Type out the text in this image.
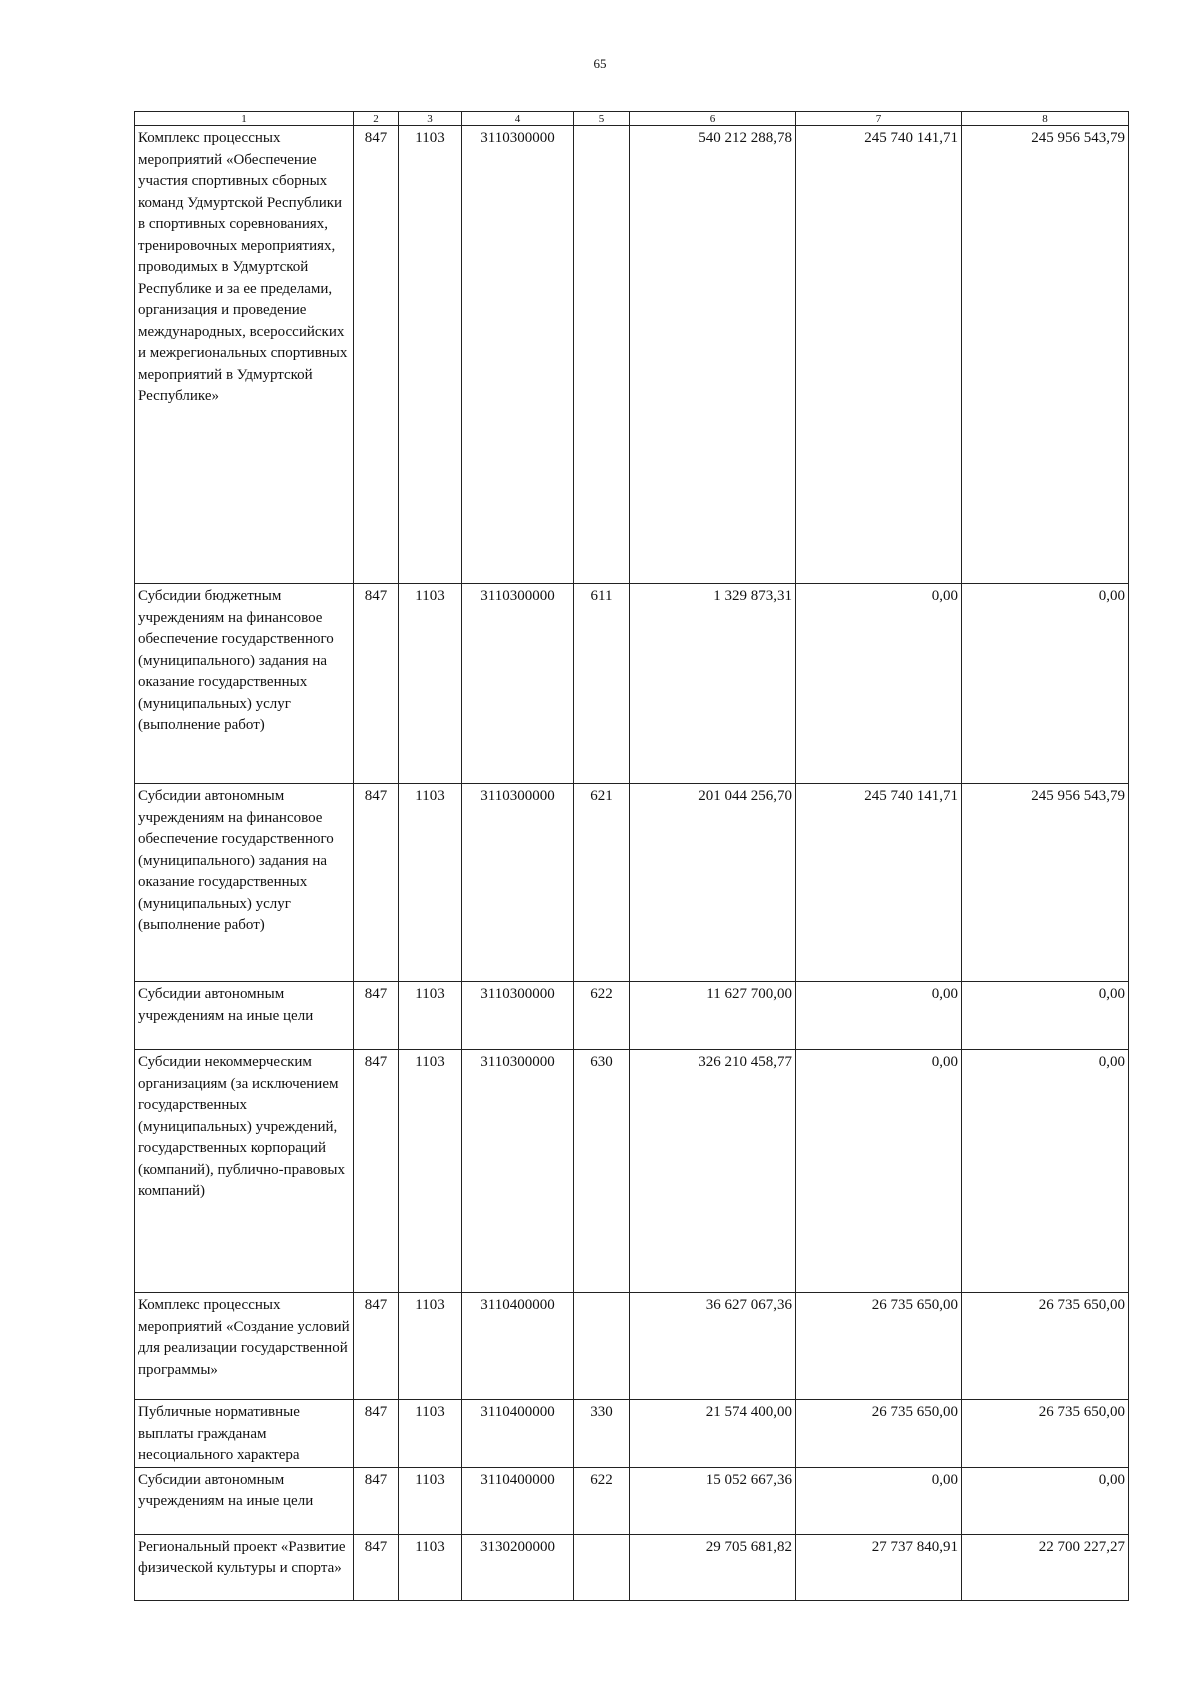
65
1	2	3	4	5	6	7	8
Комплекс процессных мероприятий «Обеспечение участия спортивных сборных команд Удмуртской Республики в спортивных соревнованиях, тренировочных мероприятиях, проводимых в Удмуртской Республике и за ее пределами, организация и проведение международных, всероссийских и межрегиональных спортивных мероприятий в Удмуртской Республике»	847	1103	3110300000		540 212 288,78	245 740 141,71	245 956 543,79
Субсидии бюджетным учреждениям на финансовое обеспечение государственного (муниципального) задания на оказание государственных (муниципальных) услуг (выполнение работ)	847	1103	3110300000	611	1 329 873,31	0,00	0,00
Субсидии автономным учреждениям на финансовое обеспечение государственного (муниципального) задания на оказание государственных (муниципальных) услуг (выполнение работ)	847	1103	3110300000	621	201 044 256,70	245 740 141,71	245 956 543,79
Субсидии автономным учреждениям на иные цели	847	1103	3110300000	622	11 627 700,00	0,00	0,00
Субсидии некоммерческим организациям (за исключением государственных (муниципальных) учреждений, государственных корпораций (компаний), публично-правовых компаний)	847	1103	3110300000	630	326 210 458,77	0,00	0,00
Комплекс процессных мероприятий «Создание условий для реализации государственной программы»	847	1103	3110400000		36 627 067,36	26 735 650,00	26 735 650,00
Публичные нормативные выплаты гражданам несоциального характера	847	1103	3110400000	330	21 574 400,00	26 735 650,00	26 735 650,00
Субсидии автономным учреждениям на иные цели	847	1103	3110400000	622	15 052 667,36	0,00	0,00
Региональный проект «Развитие физической культуры и спорта»	847	1103	3130200000		29 705 681,82	27 737 840,91	22 700 227,27
